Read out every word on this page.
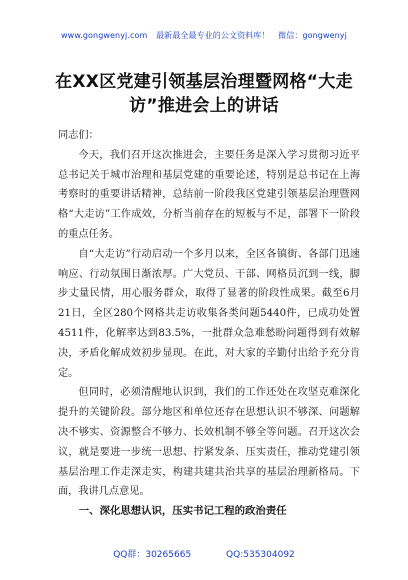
www.gongwenyj.com 最新最全最专业的公文资料库！ 微信：gongwenyj
在XX区党建引领基层治理暨网格“大走
访”推进会上的讲话

同志们：

今天，我们召开这次推进会，主要任务是深入学习贯彻习近平总书记关于城市治理和基层党建的重要论述，特别是总书记在上海考察时的重要讲话精神，总结前一阶段我区党建引领基层治理暨网格“大走访”工作成效，分析当前存在的短板与不足，部署下一阶段的重点任务。

自“大走访”行动启动一个多月以来，全区各镇街、各部门迅速响应、行动氛围日渐浓厚。广大党员、干部、网格员沉到一线，脚步丈量民情，用心服务群众，取得了显著的阶段性成果。截至6月21日，全区280个网格共走访收集各类问题5440件，已成功处置4511件，化解率达到83.5%，一批群众急难愁盼问题得到有效解决，矛盾化解成效初步显现。在此，对大家的辛勤付出给予充分肯定。

但同时，必须清醒地认识到，我们的工作还处在攻坚克难深化提升的关键阶段。部分地区和单位还存在思想认识不够深、问题解决不够实、资源整合不够力、长效机制不够全等问题。召开这次会议，就是要进一步统一思想、拧紧发条、压实责任，推动党建引领基层治理工作走深走实，构建共建共治共享的基层治理新格局。下面，我讲几点意见。

一、深化思想认识，压实书记工程的政治责任

QQ群：30265665	QQ:535304092
